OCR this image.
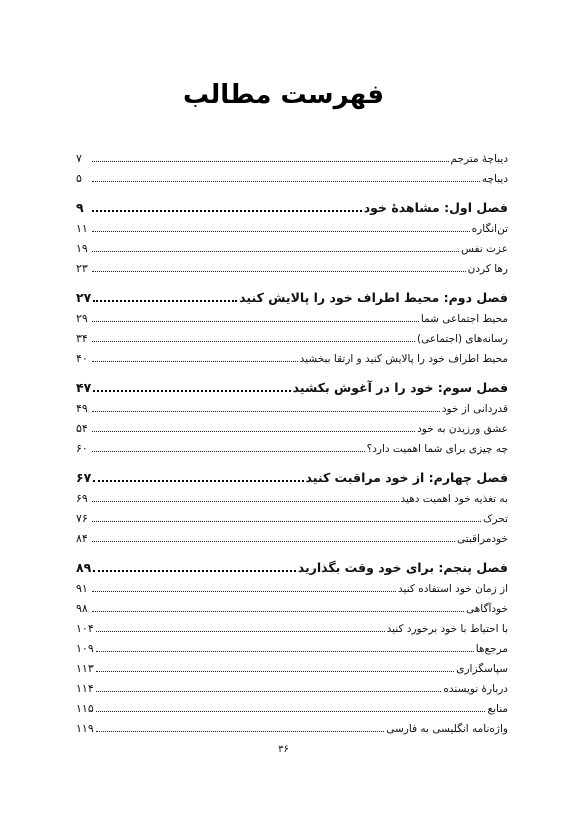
فهرست مطالب
دیباچهٔ مترجم
۷
دیباچه
۵
فصل اول: مشاهدهٔ خود
۹
تن‌انگاره
۱۱
عزت نفس
۱۹
رها کردن
۲۳
فصل دوم: محیط اطراف خود را پالایش کنید
۲۷
محیط اجتماعی شما
۲۹
رسانه‌های (اجتماعی)
۳۴
محیط اطراف خود را پالایش کنید و ارتقا ببخشید
۴۰
فصل سوم: خود را در آغوش بکشید
۴۷
قدردانی از خود
۴۹
عشق ورزیدن به خود
۵۴
چه چیزی برای شما اهمیت دارد؟
۶۰
فصل چهارم: از خود مراقبت کنید
۶۷
به تغذیه خود اهمیت دهید
۶۹
تحرک
۷۶
خودمراقبتی
۸۴
فصل پنجم: برای خود وقت بگذارید
۸۹
از زمان خود استفاده کنید
۹۱
خودآگاهی
۹۸
با احتیاط با خود برخورد کنید
۱۰۴
مرجع‌ها
۱۰۹
سپاسگزاری
۱۱۳
دربارهٔ نویسنده
۱۱۴
منابع
۱۱۵
واژه‌نامه انگلیسی به فارسی
۱۱۹
۳۶
